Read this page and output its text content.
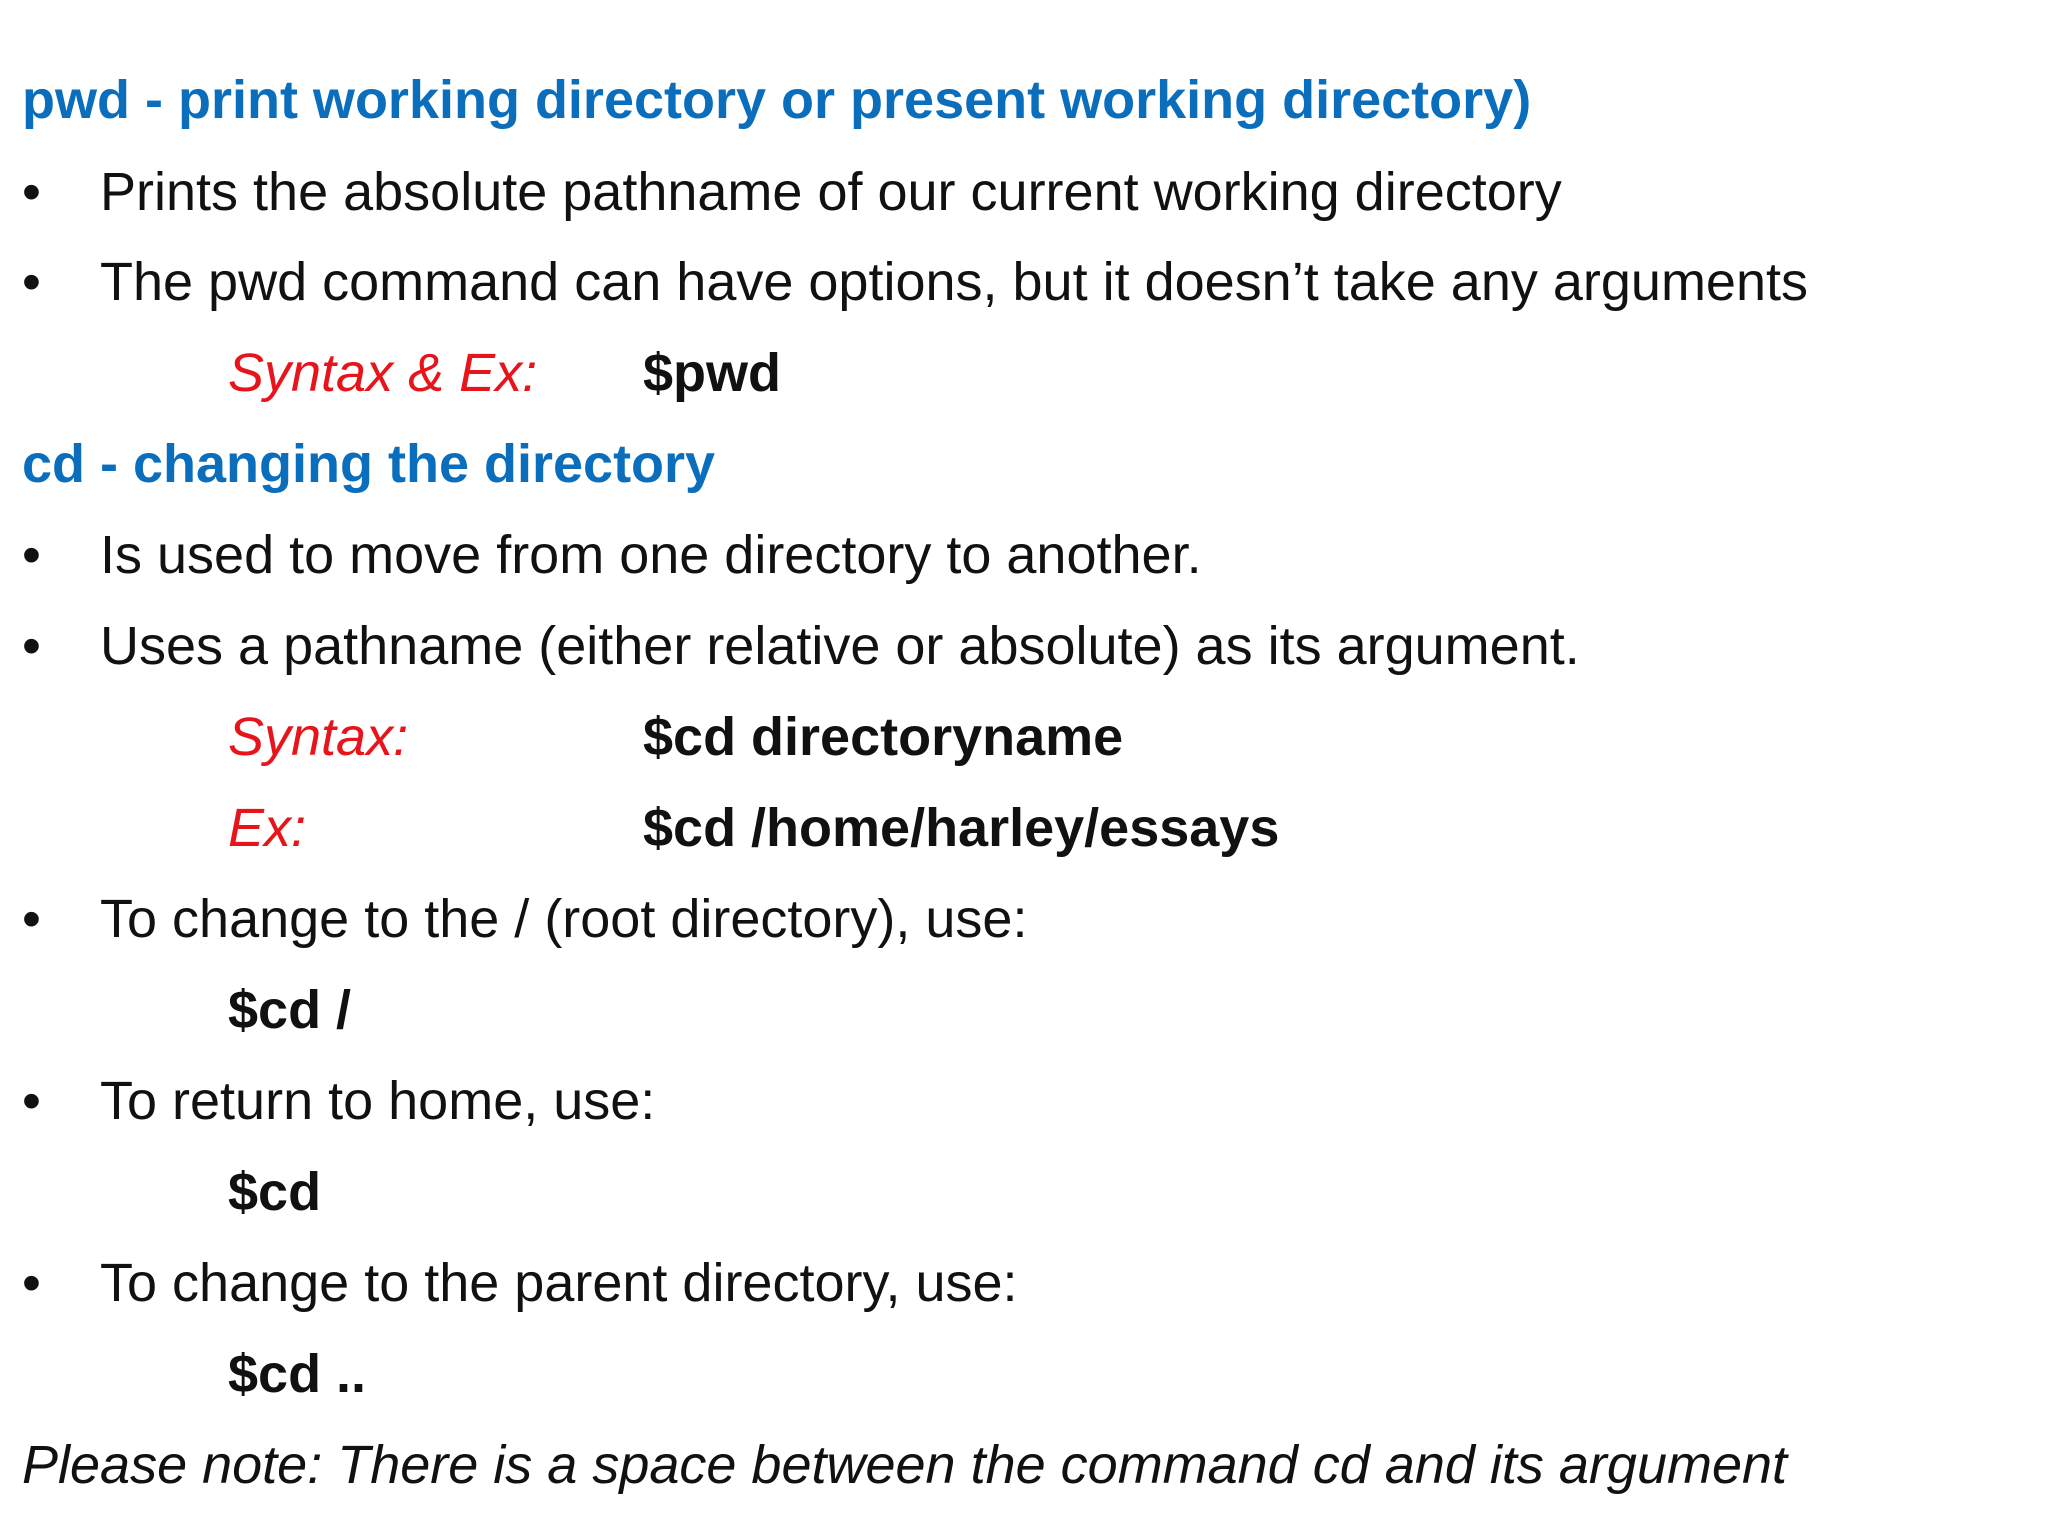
pwd - print working directory or present working directory)
• Prints the absolute pathname of our current working directory
• The pwd command can have options, but it doesn’t take any arguments
Syntax & Ex: $pwd
cd - changing the directory
• Is used to move from one directory to another.
• Uses a pathname (either relative or absolute) as its argument.
Syntax:	$cd directoryname
Ex:	$cd /home/harley/essays
• To change to the / (root directory), use:
$cd /
• To return to home, use:
$cd
• To change to the parent directory, use:
$cd ..
Please note: There is a space between the command cd and its argument
